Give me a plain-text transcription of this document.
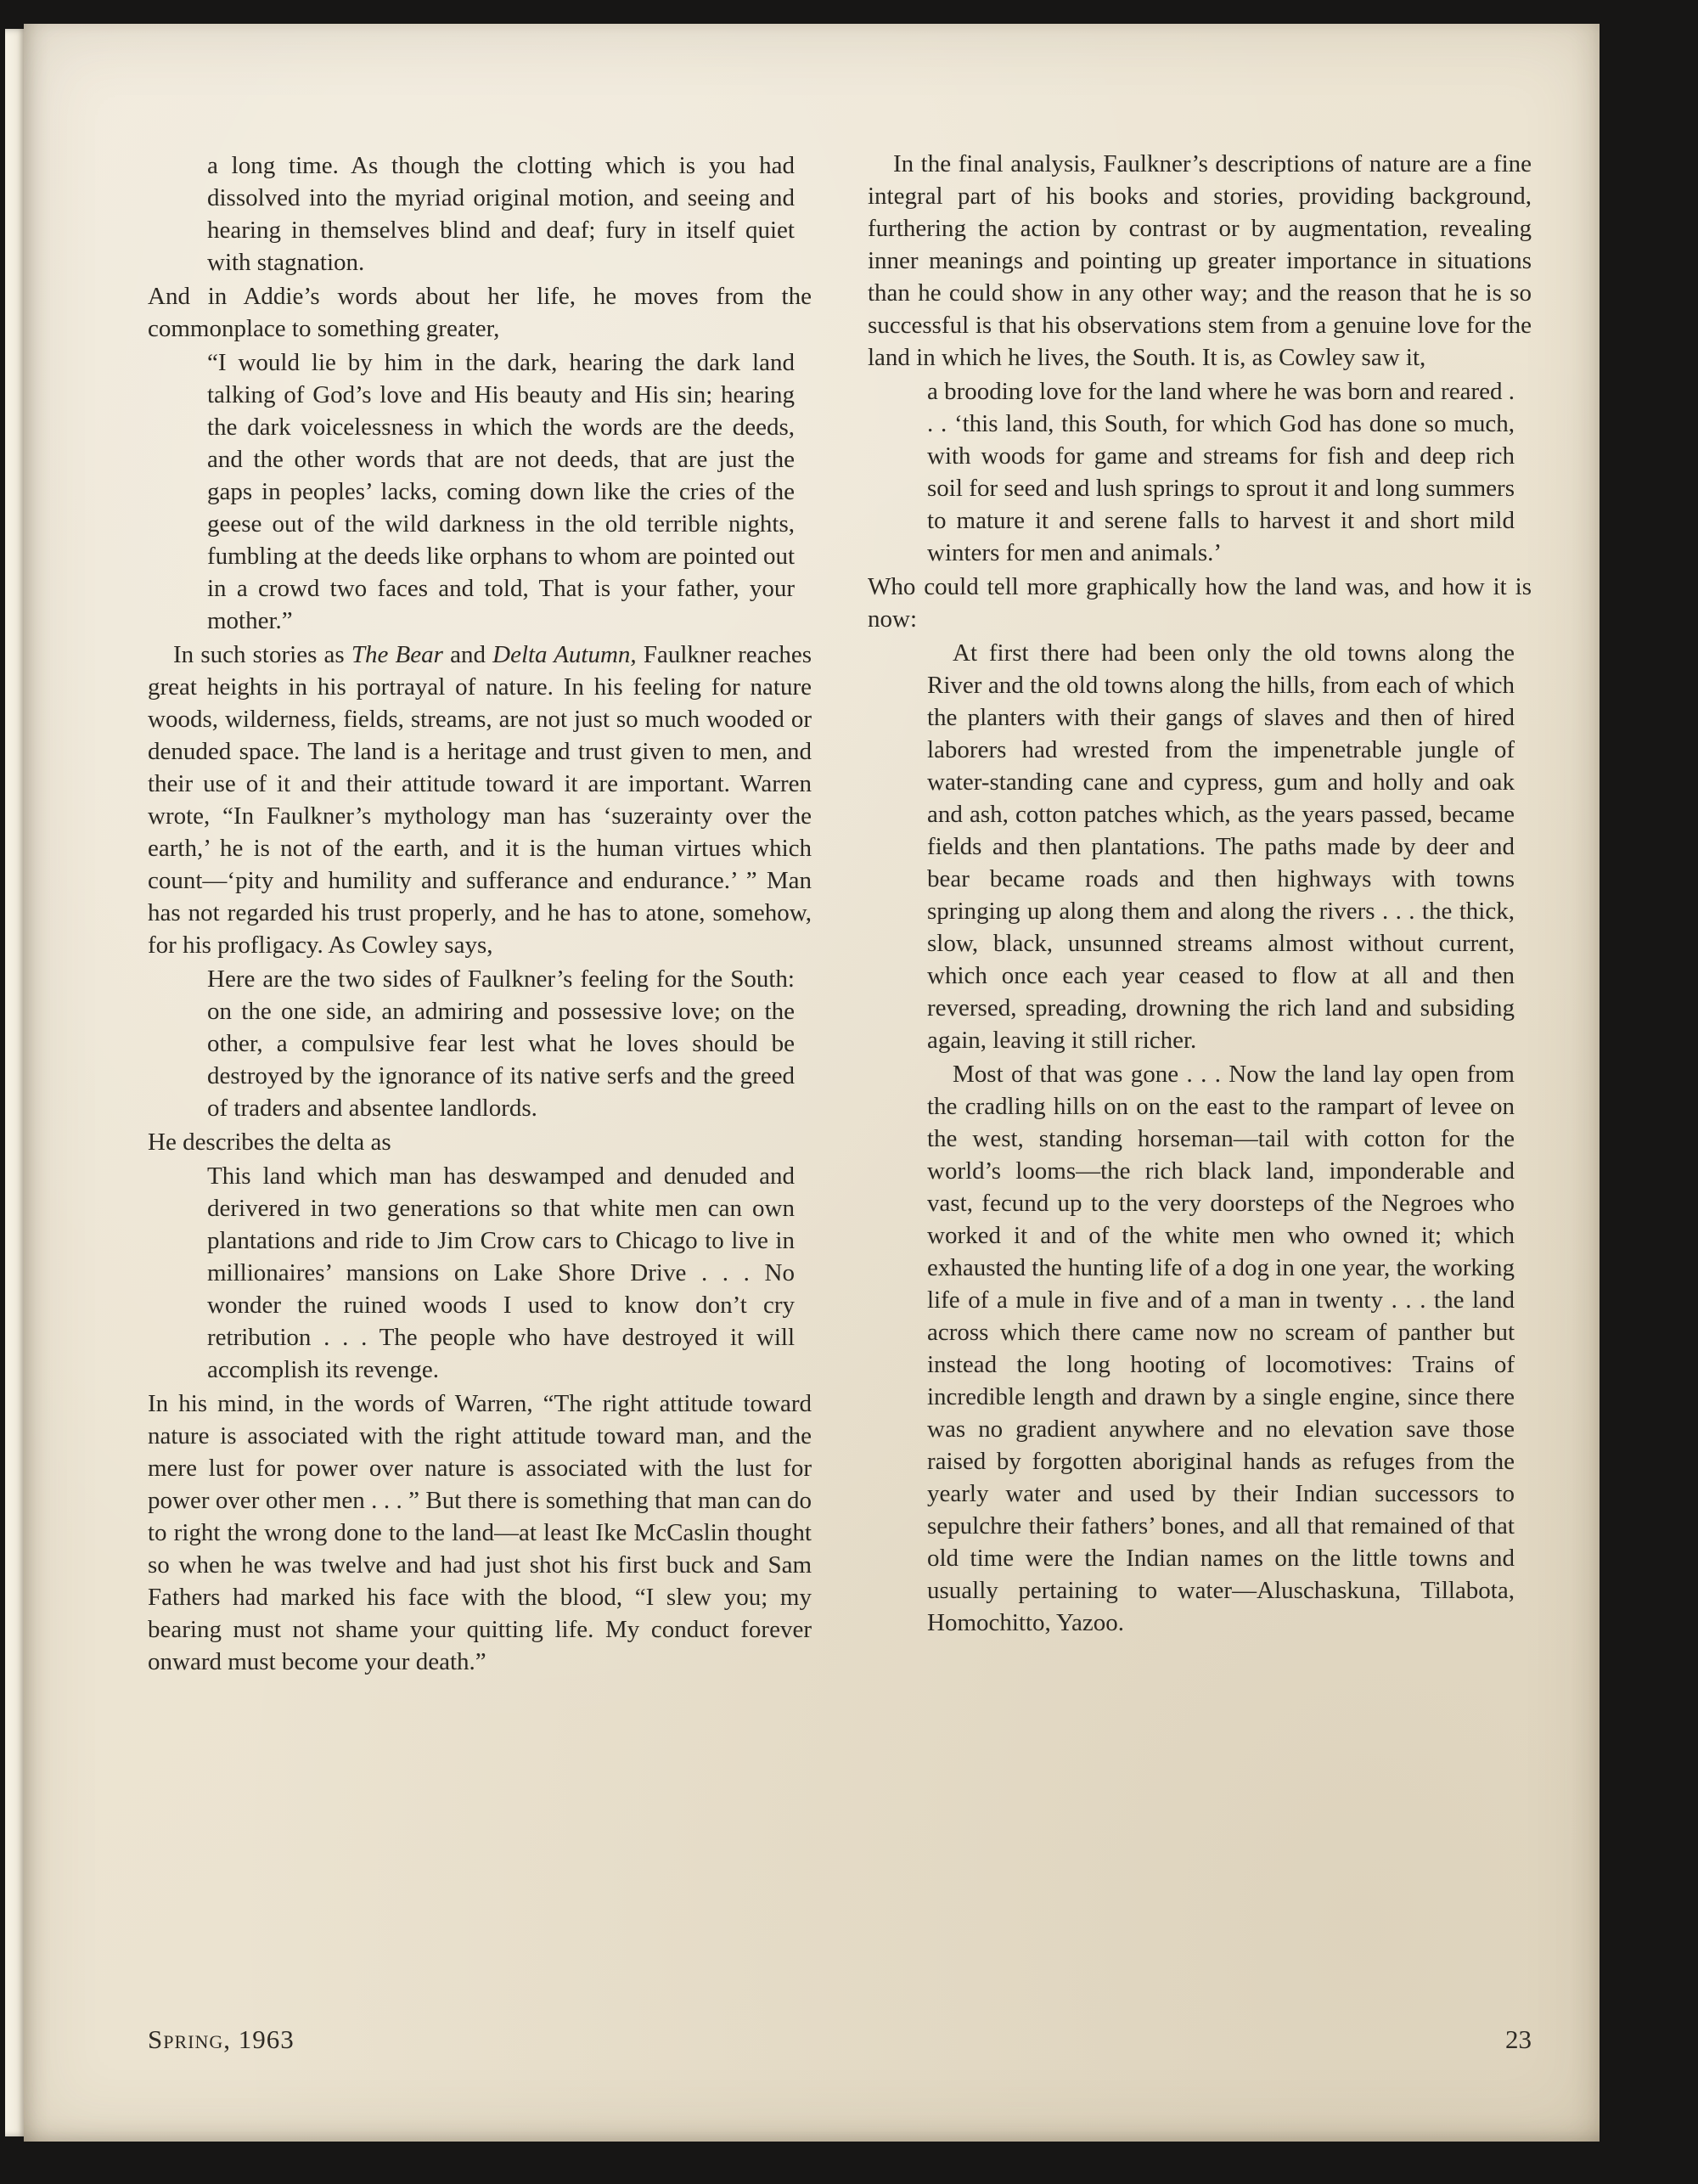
a long time. As though the clotting which is you had dissolved into the myriad original motion, and seeing and hearing in themselves blind and deaf; fury in itself quiet with stagnation.

And in Addie’s words about her life, he moves from the commonplace to something greater,

“I would lie by him in the dark, hearing the dark land talking of God’s love and His beauty and His sin; hearing the dark voicelessness in which the words are the deeds, and the other words that are not deeds, that are just the gaps in peoples’ lacks, coming down like the cries of the geese out of the wild darkness in the old terrible nights, fumbling at the deeds like orphans to whom are pointed out in a crowd two faces and told, That is your father, your mother.”

In such stories as The Bear and Delta Autumn, Faulkner reaches great heights in his portrayal of nature. In his feeling for nature woods, wilderness, fields, streams, are not just so much wooded or denuded space. The land is a heritage and trust given to men, and their use of it and their attitude toward it are important. Warren wrote, “In Faulkner’s mythology man has ‘suzerainty over the earth,’ he is not of the earth, and it is the human virtues which count—‘pity and humility and sufferance and endurance.’ ” Man has not regarded his trust properly, and he has to atone, somehow, for his profligacy. As Cowley says,

Here are the two sides of Faulkner’s feeling for the South: on the one side, an admiring and possessive love; on the other, a compulsive fear lest what he loves should be destroyed by the ignorance of its native serfs and the greed of traders and absentee landlords.

He describes the delta as

This land which man has deswamped and denuded and derivered in two generations so that white men can own plantations and ride to Jim Crow cars to Chicago to live in millionaires’ mansions on Lake Shore Drive . . . No wonder the ruined woods I used to know don’t cry retribution . . . The people who have destroyed it will accomplish its revenge.

In his mind, in the words of Warren, “The right attitude toward nature is associated with the right attitude toward man, and the mere lust for power over nature is associated with the lust for power over other men . . . ” But there is something that man can do to right the wrong done to the land—at least Ike McCaslin thought so when he was twelve and had just shot his first buck and Sam Fathers had marked his face with the blood, “I slew you; my bearing must not shame your quitting life. My conduct forever onward must become your death.”

In the final analysis, Faulkner’s descriptions of nature are a fine integral part of his books and stories, providing background, furthering the action by contrast or by augmentation, revealing inner meanings and pointing up greater importance in situations than he could show in any other way; and the reason that he is so successful is that his observations stem from a genuine love for the land in which he lives, the South. It is, as Cowley saw it,

a brooding love for the land where he was born and reared . . . ‘this land, this South, for which God has done so much, with woods for game and streams for fish and deep rich soil for seed and lush springs to sprout it and long summers to mature it and serene falls to harvest it and short mild winters for men and animals.’

Who could tell more graphically how the land was, and how it is now:

At first there had been only the old towns along the River and the old towns along the hills, from each of which the planters with their gangs of slaves and then of hired laborers had wrested from the impenetrable jungle of water-standing cane and cypress, gum and holly and oak and ash, cotton patches which, as the years passed, became fields and then plantations. The paths made by deer and bear became roads and then highways with towns springing up along them and along the rivers . . . the thick, slow, black, unsunned streams almost without current, which once each year ceased to flow at all and then reversed, spreading, drowning the rich land and subsiding again, leaving it still richer.
Most of that was gone . . . Now the land lay open from the cradling hills on on the east to the rampart of levee on the west, standing horseman—tail with cotton for the world’s looms—the rich black land, imponderable and vast, fecund up to the very doorsteps of the Negroes who worked it and of the white men who owned it; which exhausted the hunting life of a dog in one year, the working life of a mule in five and of a man in twenty . . . the land across which there came now no scream of panther but instead the long hooting of locomotives: Trains of incredible length and drawn by a single engine, since there was no gradient anywhere and no elevation save those raised by forgotten aboriginal hands as refuges from the yearly water and used by their Indian successors to sepulchre their fathers’ bones, and all that remained of that old time were the Indian names on the little towns and usually pertaining to water—Aluschaskuna, Tillabota, Homochitto, Yazoo.
Spring, 1963	23
